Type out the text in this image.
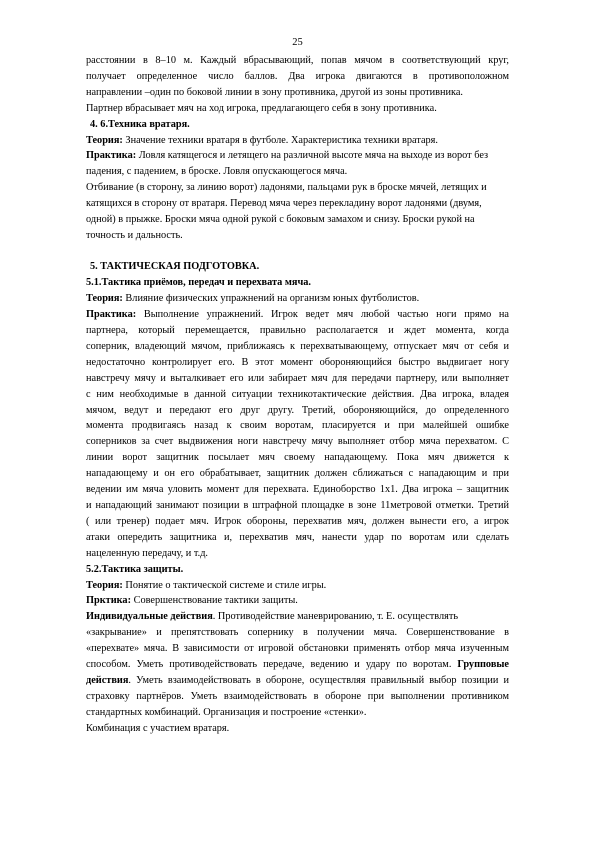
25

расстоянии в 8–10 м. Каждый вбрасывающий, попав мячом в соответствующий круг,

получает определенное число баллов. Два игрока двигаются в противоположном

направлении –один по боковой линии в зону противника, другой из зоны противника.

Партнер вбрасывает мяч на ход игрока, предлагающего себя в зону противника.

4. 6.Техника вратаря.

Теория: Значение техники вратаря в футболе. Характеристика техники вратаря.

Практика: Ловля катящегося и летящего на различной высоте мяча на выходе из ворот без

падения, с падением, в броске. Ловля опускающегося мяча.

Отбивание (в сторону, за линию ворот) ладонями, пальцами рук в броске мячей, летящих и

катящихся в сторону от вратаря. Перевод мяча через перекладину ворот ладонями (двумя,

одной) в прыжке. Броски мяча одной рукой с боковым замахом и снизу. Броски рукой на

точность и дальность.

5. ТАКТИЧЕСКАЯ ПОДГОТОВКА.

5.1.Тактика приёмов, передач и перехвата мяча.

Теория: Влияние физических упражнений на организм юных футболистов.

Практика: Выполнение упражнений. Игрок ведет мяч любой частью ноги прямо на

партнера, который перемещается, правильно располагается и ждет момента, когда

соперник, владеющий мячом, приближаясь к перехватывающему, отпускает мяч от себя и

недостаточно контролирует его. В этот момент обороняющийся быстро выдвигает ногу

навстречу мячу и выталкивает его или забирает мяч для передачи партнеру, или выполняет

с ним необходимые в данной ситуации техникотактические действия. Два игрока, владея

мячом, ведут и передают его друг другу. Третий, обороняющийся, до определенного

момента продвигаясь назад к своим воротам, пласируется и при малейшей ошибке

соперников за счет выдвижения ноги навстречу мячу выполняет отбор мяча перехватом. С

линии ворот защитник посылает мяч своему нападающему. Пока мяч движется к

нападающему и он его обрабатывает, защитник должен сближаться с нападающим и при

ведении им мяча уловить момент для перехвата. Единоборство 1х1. Два игрока – защитник

и нападающий занимают позиции в штрафной площадке в зоне 11метровой отметки. Третий

( или тренер) подает мяч. Игрок обороны, перехватив мяч, должен вынести его, а игрок

атаки опередить защитника и, перехватив мяч, нанести удар по воротам или сделать

нацеленную передачу, и т.д.

5.2.Тактика защиты.

Теория: Понятие о тактической системе и стиле игры.

Прктика: Совершенствование тактики защиты.

Индивидуальные действия. Противодействие маневрированию, т. Е. осуществлять

«закрывание» и препятствовать сопернику в получении мяча. Совершенствование в

«перехвате» мяча. В зависимости от игровой обстановки применять отбор мяча изученным

способом. Уметь противодействовать передаче, ведению и удару по воротам. Групповые

действия. Уметь взаимодействовать в обороне, осуществляя правильный выбор позиции и

страховку партнёров. Уметь взаимодействовать в обороне при выполнении противником

стандартных комбинаций. Организация и построение «стенки».

Комбинация с участием вратаря.
